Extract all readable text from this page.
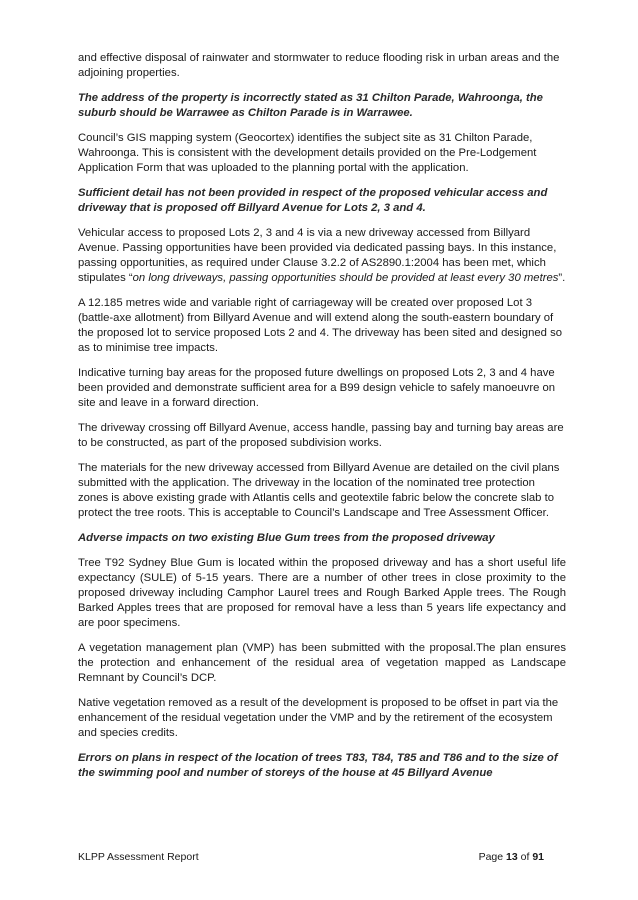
and effective disposal of rainwater and stormwater to reduce flooding risk in urban areas and the adjoining properties.

The address of the property is incorrectly stated as 31 Chilton Parade, Wahroonga, the suburb should be Warrawee as Chilton Parade is in Warrawee.

Council’s GIS mapping system (Geocortex) identifies the subject site as 31 Chilton Parade, Wahroonga. This is consistent with the development details provided on the Pre-Lodgement Application Form that was uploaded to the planning portal with the application.

Sufficient detail has not been provided in respect of the proposed vehicular access and driveway that is proposed off Billyard Avenue for Lots 2, 3 and 4.

Vehicular access to proposed Lots 2, 3 and 4 is via a new driveway accessed from Billyard Avenue. Passing opportunities have been provided via dedicated passing bays. In this instance, passing opportunities, as required under Clause 3.2.2 of AS2890.1:2004 has been met, which stipulates “on long driveways, passing opportunities should be provided at least every 30 metres”.

A 12.185 metres wide and variable right of carriageway will be created over proposed Lot 3 (battle-axe allotment) from Billyard Avenue and will extend along the south-eastern boundary of the proposed lot to service proposed Lots 2 and 4. The driveway has been sited and designed so as to minimise tree impacts.

Indicative turning bay areas for the proposed future dwellings on proposed Lots 2, 3 and 4 have been provided and demonstrate sufficient area for a B99 design vehicle to safely manoeuvre on site and leave in a forward direction.

The driveway crossing off Billyard Avenue, access handle, passing bay and turning bay areas are to be constructed, as part of the proposed subdivision works.

The materials for the new driveway accessed from Billyard Avenue are detailed on the civil plans submitted with the application. The driveway in the location of the nominated tree protection zones is above existing grade with Atlantis cells and geotextile fabric below the concrete slab to protect the tree roots. This is acceptable to Council’s Landscape and Tree Assessment Officer.

Adverse impacts on two existing Blue Gum trees from the proposed driveway

Tree T92 Sydney Blue Gum is located within the proposed driveway and has a short useful life expectancy (SULE) of 5-15 years. There are a number of other trees in close proximity to the proposed driveway including Camphor Laurel trees and Rough Barked Apple trees. The Rough Barked Apples trees that are proposed for removal have a less than 5 years life expectancy and are poor specimens.

A vegetation management plan (VMP) has been submitted with the proposal.The plan ensures the protection and enhancement of the residual area of vegetation mapped as Landscape Remnant by Council’s DCP.

Native vegetation removed as a result of the development is proposed to be offset in part via the enhancement of the residual vegetation under the VMP and by the retirement of the ecosystem and species credits.

Errors on plans in respect of the location of trees T83, T84, T85 and T86 and to the size of the swimming pool and number of storeys of the house at 45 Billyard Avenue

KLPP Assessment Report	Page 13 of 91
